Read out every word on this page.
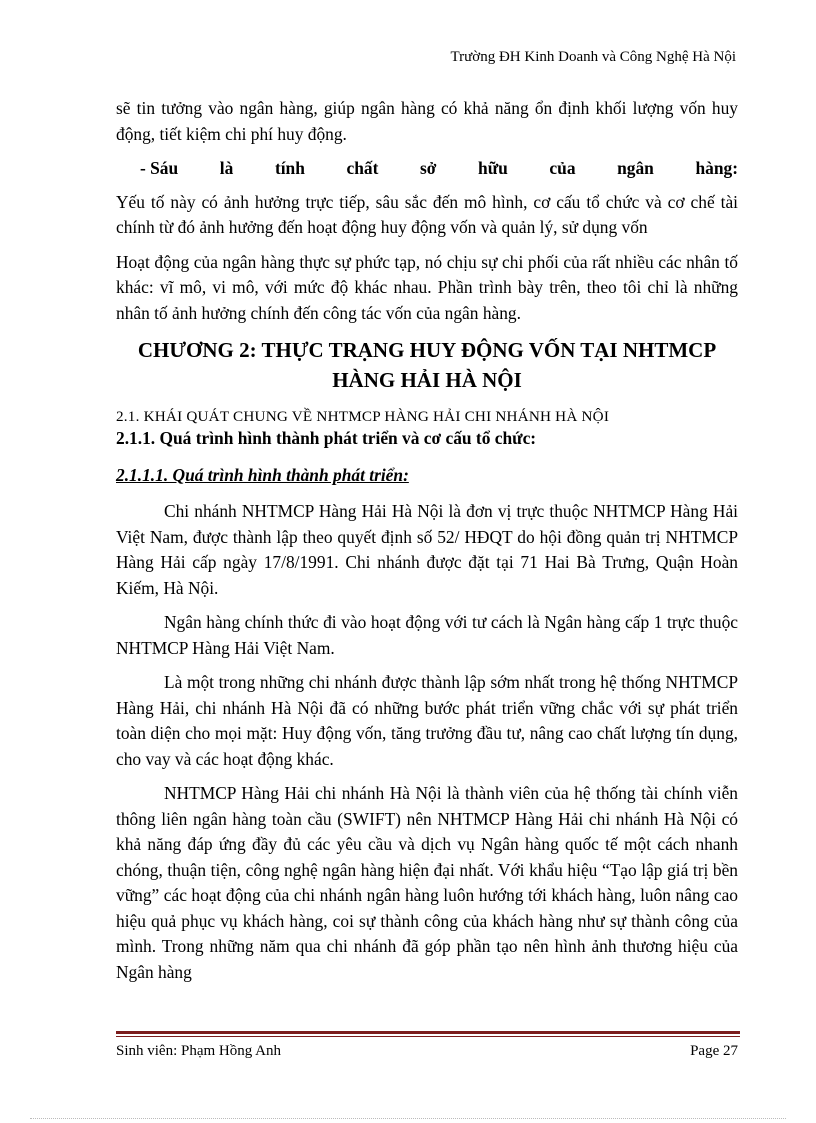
Trường ĐH Kinh Doanh và Công Nghệ Hà Nội

sẽ tin tưởng vào ngân hàng, giúp ngân hàng có khả năng ổn định khối lượng vốn huy động, tiết kiệm chi phí huy động.

- Sáu là tính chất sở hữu của ngân hàng:

Yếu tố này có ảnh hưởng trực tiếp, sâu sắc đến mô hình, cơ cấu tổ chức và cơ chế tài chính từ đó ảnh hưởng đến hoạt động huy động vốn và quản lý, sử dụng vốn

Hoạt động của ngân hàng thực sự phức tạp, nó chịu sự chi phối của rất nhiều các nhân tố khác: vĩ mô, vi mô, với mức độ khác nhau. Phần trình bày trên, theo tôi chỉ là những nhân tố ảnh hưởng chính đến công tác vốn của ngân hàng.

CHƯƠNG 2: THỰC TRẠNG HUY ĐỘNG VỐN TẠI NHTMCP
HÀNG HẢI HÀ NỘI

2.1. KHÁI QUÁT CHUNG VỀ NHTMCP HÀNG HẢI CHI NHÁNH HÀ NỘI

2.1.1. Quá trình hình thành phát triển và cơ cấu tổ chức:

2.1.1.1. Quá trình hình thành phát triển:

Chi nhánh NHTMCP Hàng Hải Hà Nội là đơn vị trực thuộc NHTMCP Hàng Hải Việt Nam, được thành lập theo quyết định số 52/ HĐQT do hội đồng quản trị NHTMCP Hàng Hải cấp ngày 17/8/1991. Chi nhánh được đặt tại 71 Hai Bà Trưng, Quận Hoàn Kiếm, Hà Nội.

Ngân hàng chính thức đi vào hoạt động với tư cách là Ngân hàng cấp 1 trực thuộc NHTMCP Hàng Hải Việt Nam.

Là một trong những chi nhánh được thành lập sớm nhất trong hệ thống NHTMCP Hàng Hải, chi nhánh Hà Nội đã có những bước phát triển vững chắc với sự phát triển toàn diện cho mọi mặt: Huy động vốn, tăng trưởng đầu tư, nâng cao chất lượng tín dụng, cho vay và các hoạt động khác.

NHTMCP Hàng Hải chi nhánh Hà Nội là thành viên của hệ thống tài chính viễn thông liên ngân hàng toàn cầu (SWIFT) nên NHTMCP Hàng Hải chi nhánh Hà Nội có khả năng đáp ứng đầy đủ các yêu cầu và dịch vụ Ngân hàng quốc tế một cách nhanh chóng, thuận tiện, công nghệ ngân hàng hiện đại nhất. Với khẩu hiệu “Tạo lập giá trị bền vững” các hoạt động của chi nhánh ngân hàng luôn hướng tới khách hàng, luôn nâng cao hiệu quả phục vụ khách hàng, coi sự thành công của khách hàng như sự thành công của mình. Trong những năm qua chi nhánh đã góp phần tạo nên hình ảnh thương hiệu của Ngân hàng

Sinh viên: Phạm Hồng Anh	Page 27
